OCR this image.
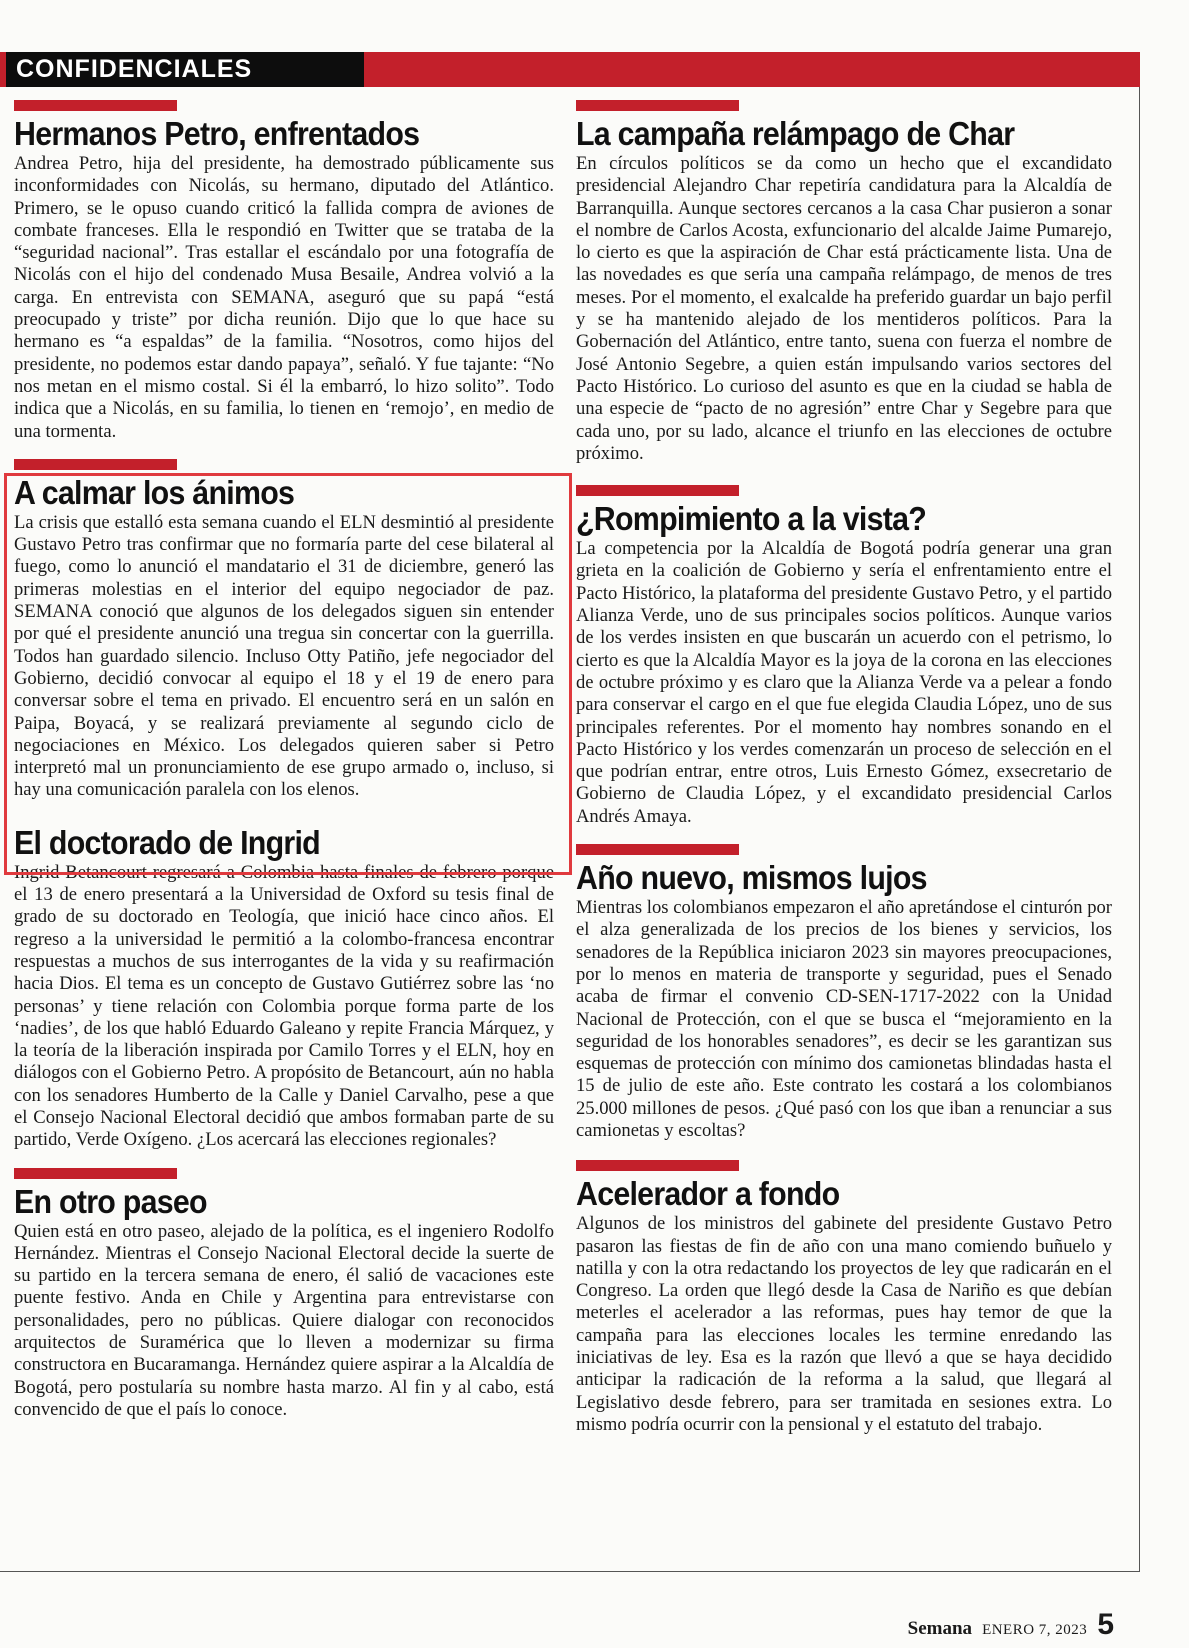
CONFIDENCIALES
Hermanos Petro, enfrentados

Andrea Petro, hija del presidente, ha demostrado públicamente sus inconformidades con Nicolás, su hermano, diputado del Atlántico. Primero, se le opuso cuando criticó la fallida compra de aviones de combate franceses. Ella le respondió en Twitter que se trataba de la “seguridad nacional”. Tras estallar el escándalo por una fotografía de Nicolás con el hijo del condenado Musa Besaile, Andrea volvió a la carga. En entrevista con SEMANA, aseguró que su papá “está preocupado y triste” por dicha reunión. Dijo que lo que hace su hermano es “a espaldas” de la familia. “Nosotros, como hijos del presidente, no podemos estar dando papaya”, señaló. Y fue tajante: “No nos metan en el mismo costal. Si él la embarró, lo hizo solito”. Todo indica que a Nicolás, en su familia, lo tienen en ‘remojo’, en medio de una tormenta.

A calmar los ánimos

La crisis que estalló esta semana cuando el ELN desmintió al presidente Gustavo Petro tras confirmar que no formaría parte del cese bilateral al fuego, como lo anunció el mandatario el 31 de diciembre, generó las primeras molestias en el interior del equipo negociador de paz. SEMANA conoció que algunos de los delegados siguen sin entender por qué el presidente anunció una tregua sin concertar con la guerrilla. Todos han guardado silencio. Incluso Otty Patiño, jefe negociador del Gobierno, decidió convocar al equipo el 18 y el 19 de enero para conversar sobre el tema en privado. El encuentro será en un salón en Paipa, Boyacá, y se realizará previamente al segundo ciclo de negociaciones en México. Los delegados quieren saber si Petro interpretó mal un pronunciamiento de ese grupo armado o, incluso, si hay una comunicación paralela con los elenos.

El doctorado de Ingrid

Ingrid Betancourt regresará a Colombia hasta finales de febrero porque el 13 de enero presentará a la Universidad de Oxford su tesis final de grado de su doctorado en Teología, que inició hace cinco años. El regreso a la universidad le permitió a la colombo-francesa encontrar respuestas a muchos de sus interrogantes de la vida y su reafirmación hacia Dios. El tema es un concepto de Gustavo Gutiérrez sobre las ‘no personas’ y tiene relación con Colombia porque forma parte de los ‘nadies’, de los que habló Eduardo Galeano y repite Francia Márquez, y la teoría de la liberación inspirada por Camilo Torres y el ELN, hoy en diálogos con el Gobierno Petro. A propósito de Betancourt, aún no habla con los senadores Humberto de la Calle y Daniel Carvalho, pese a que el Consejo Nacional Electoral decidió que ambos formaban parte de su partido, Verde Oxígeno. ¿Los acercará las elecciones regionales?

En otro paseo

Quien está en otro paseo, alejado de la política, es el ingeniero Rodolfo Hernández. Mientras el Consejo Nacional Electoral decide la suerte de su partido en la tercera semana de enero, él salió de vacaciones este puente festivo. Anda en Chile y Argentina para entrevistarse con personalidades, pero no públicas. Quiere dialogar con reconocidos arquitectos de Suramérica que lo lleven a modernizar su firma constructora en Bucaramanga. Hernández quiere aspirar a la Alcaldía de Bogotá, pero postularía su nombre hasta marzo. Al fin y al cabo, está convencido de que el país lo conoce.

La campaña relámpago de Char

En círculos políticos se da como un hecho que el excandidato presidencial Alejandro Char repetiría candidatura para la Alcaldía de Barranquilla. Aunque sectores cercanos a la casa Char pusieron a sonar el nombre de Carlos Acosta, exfuncionario del alcalde Jaime Pumarejo, lo cierto es que la aspiración de Char está prácticamente lista. Una de las novedades es que sería una campaña relámpago, de menos de tres meses. Por el momento, el exalcalde ha preferido guardar un bajo perfil y se ha mantenido alejado de los mentideros políticos. Para la Gobernación del Atlántico, entre tanto, suena con fuerza el nombre de José Antonio Segebre, a quien están impulsando varios sectores del Pacto Histórico. Lo curioso del asunto es que en la ciudad se habla de una especie de “pacto de no agresión” entre Char y Segebre para que cada uno, por su lado, alcance el triunfo en las elecciones de octubre próximo.

¿Rompimiento a la vista?

La competencia por la Alcaldía de Bogotá podría generar una gran grieta en la coalición de Gobierno y sería el enfrentamiento entre el Pacto Histórico, la plataforma del presidente Gustavo Petro, y el partido Alianza Verde, uno de sus principales socios políticos. Aunque varios de los verdes insisten en que buscarán un acuerdo con el petrismo, lo cierto es que la Alcaldía Mayor es la joya de la corona en las elecciones de octubre próximo y es claro que la Alianza Verde va a pelear a fondo para conservar el cargo en el que fue elegida Claudia López, uno de sus principales referentes. Por el momento hay nombres sonando en el Pacto Histórico y los verdes comenzarán un proceso de selección en el que podrían entrar, entre otros, Luis Ernesto Gómez, exsecretario de Gobierno de Claudia López, y el excandidato presidencial Carlos Andrés Amaya.

Año nuevo, mismos lujos

Mientras los colombianos empezaron el año apretándose el cinturón por el alza generalizada de los precios de los bienes y servicios, los senadores de la República iniciaron 2023 sin mayores preocupaciones, por lo menos en materia de transporte y seguridad, pues el Senado acaba de firmar el convenio CD-SEN-1717-2022 con la Unidad Nacional de Protección, con el que se busca el “mejoramiento en la seguridad de los honorables senadores”, es decir se les garantizan sus esquemas de protección con mínimo dos camionetas blindadas hasta el 15 de julio de este año. Este contrato les costará a los colombianos 25.000 millones de pesos. ¿Qué pasó con los que iban a renunciar a sus camionetas y escoltas?

Acelerador a fondo

Algunos de los ministros del gabinete del presidente Gustavo Petro pasaron las fiestas de fin de año con una mano comiendo buñuelo y natilla y con la otra redactando los proyectos de ley que radicarán en el Congreso. La orden que llegó desde la Casa de Nariño es que debían meterles el acelerador a las reformas, pues hay temor de que la campaña para las elecciones locales les termine enredando las iniciativas de ley. Esa es la razón que llevó a que se haya decidido anticipar la radicación de la reforma a la salud, que llegará al Legislativo desde febrero, para ser tramitada en sesiones extra. Lo mismo podría ocurrir con la pensional y el estatuto del trabajo.

Semana ENERO 7, 2023 5
